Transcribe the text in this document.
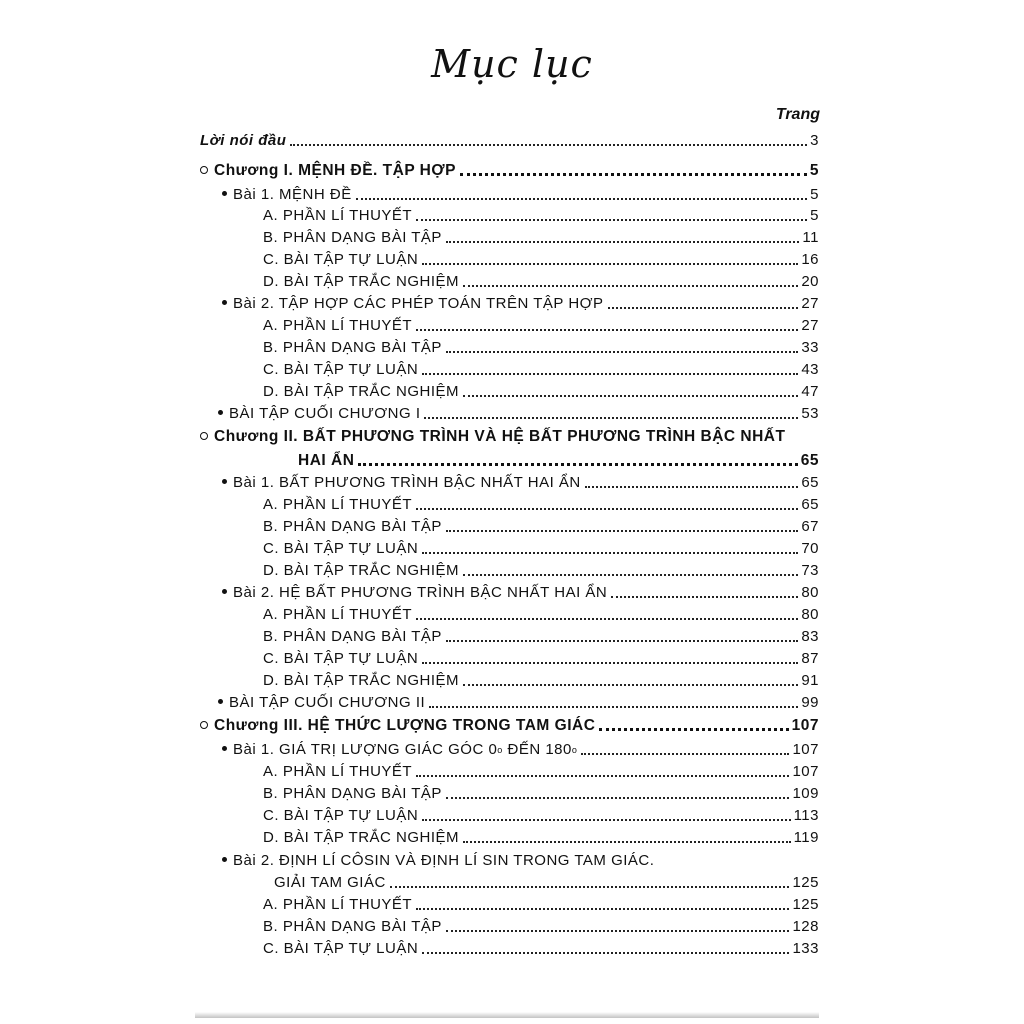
Mục lục
Trang
Lời nói đầu	3
Chương I. MỆNH ĐỀ. TẬP HỢP	5
Bài 1. MỆNH ĐỀ	5
A. PHẦN LÍ THUYẾT	5
B. PHÂN DẠNG BÀI TẬP	11
C. BÀI TẬP TỰ LUẬN	16
D. BÀI TẬP TRẮC NGHIỆM	20
Bài 2. TẬP HỢP CÁC PHÉP TOÁN TRÊN TẬP HỢP	27
A. PHẦN LÍ THUYẾT	27
B. PHÂN DẠNG BÀI TẬP	33
C. BÀI TẬP TỰ LUẬN	43
D. BÀI TẬP TRẮC NGHIỆM	47
BÀI TẬP CUỐI CHƯƠNG I	53
Chương II. BẤT PHƯƠNG TRÌNH VÀ HỆ BẤT PHƯƠNG TRÌNH BẬC NHẤT
HAI ẨN	65
Bài 1. BẤT PHƯƠNG TRÌNH BẬC NHẤT HAI ẨN	65
A. PHẦN LÍ THUYẾT	65
B. PHÂN DẠNG BÀI TẬP	67
C. BÀI TẬP TỰ LUẬN	70
D. BÀI TẬP TRẮC NGHIỆM	73
Bài 2. HỆ BẤT PHƯƠNG TRÌNH BẬC NHẤT HAI ẨN	80
A. PHẦN LÍ THUYẾT	80
B. PHÂN DẠNG BÀI TẬP	83
C. BÀI TẬP TỰ LUẬN	87
D. BÀI TẬP TRẮC NGHIỆM	91
BÀI TẬP CUỐI CHƯƠNG II	99
Chương III. HỆ THỨC LƯỢNG TRONG TAM GIÁC	107
Bài 1. GIÁ TRỊ LƯỢNG GIÁC GÓC 0$^o$ ĐẾN 180$^o$	107
A. PHẦN LÍ THUYẾT	107
B. PHÂN DẠNG BÀI TẬP	109
C. BÀI TẬP TỰ LUẬN	113
D. BÀI TẬP TRẮC NGHIỆM	119
Bài 2. ĐỊNH LÍ CÔSIN VÀ ĐỊNH LÍ SIN TRONG TAM GIÁC.
GIẢI TAM GIÁC	125
A. PHẦN LÍ THUYẾT	125
B. PHÂN DẠNG BÀI TẬP	128
C. BÀI TẬP TỰ LUẬN	133
